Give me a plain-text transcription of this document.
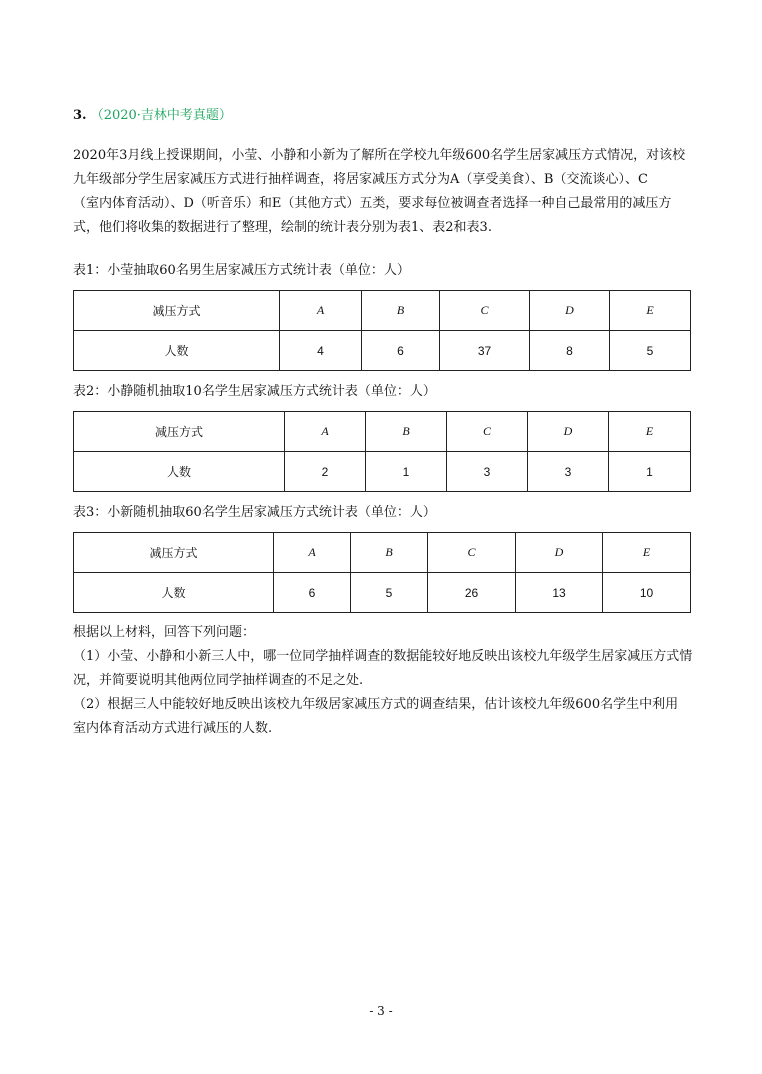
3. （2020·吉林中考真题）

2020年3月线上授课期间，小莹、小静和小新为了解所在学校九年级600名学生居家减压方式情况，对该校

九年级部分学生居家减压方式进行抽样调查，将居家减压方式分为A（享受美食）、B（交流谈心）、C

（室内体育活动）、D（听音乐）和E（其他方式）五类，要求每位被调查者选择一种自己最常用的减压方

式，他们将收集的数据进行了整理，绘制的统计表分别为表1、表2和表3.

表1：小莹抽取60名男生居家减压方式统计表（单位：人）
减压方式	A	B	C	D	E
人数	4	6	37	8	5
表2：小静随机抽取10名学生居家减压方式统计表（单位：人）
减压方式	A	B	C	D	E
人数	2	1	3	3	1
表3：小新随机抽取60名学生居家减压方式统计表（单位：人）
减压方式	A	B	C	D	E
人数	6	5	26	13	10

根据以上材料，回答下列问题：

（1）小莹、小静和小新三人中，哪一位同学抽样调查的数据能较好地反映出该校九年级学生居家减压方式情

况，并简要说明其他两位同学抽样调查的不足之处.

（2）根据三人中能较好地反映出该校九年级居家减压方式的调查结果，估计该校九年级600名学生中利用

室内体育活动方式进行减压的人数.

- 3 -
